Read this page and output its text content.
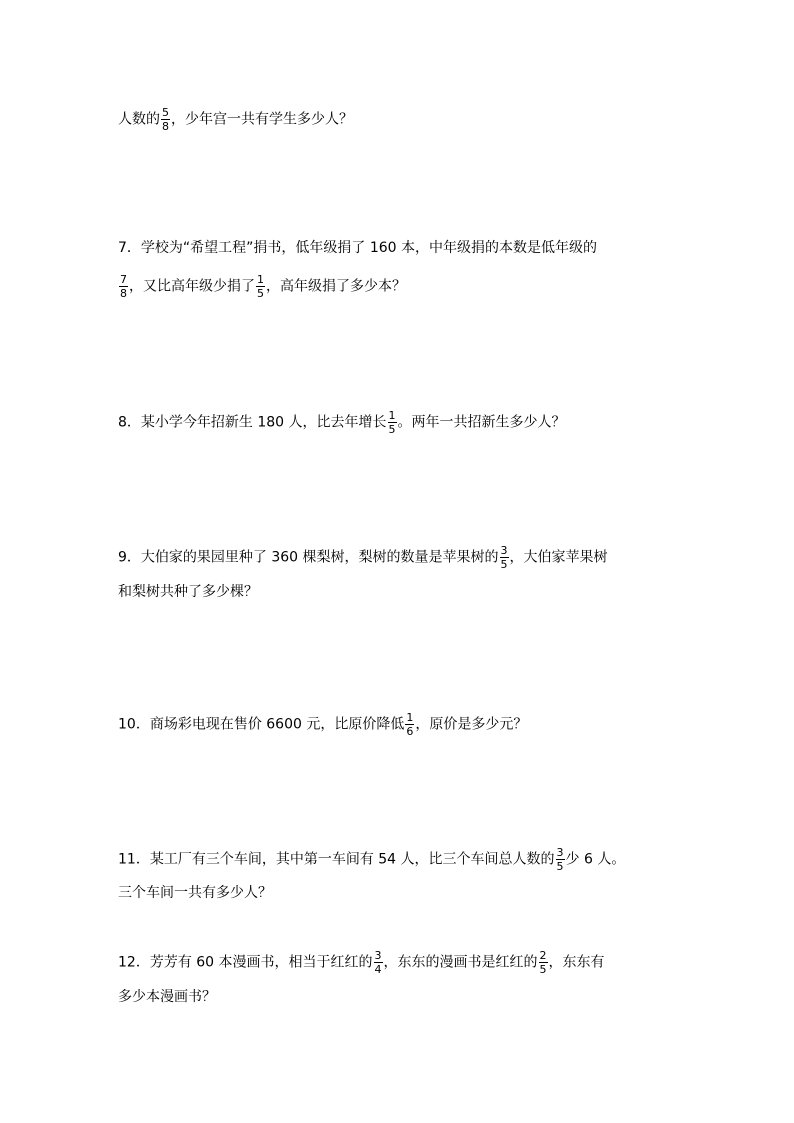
人数的 $\frac{5}{8}$ ，少年宫一共有学生多少人？
7．学校为“希望工程”捐书，低年级捐了 160 本，中年级捐的本数是低年级的
$\frac{7}{8}$ ，又比高年级少捐了 $\frac{1}{5}$ ，高年级捐了多少本？
8．某小学今年招新生 180 人，比去年增长 $\frac{1}{5}$ 。两年一共招新生多少人？
9．大伯家的果园里种了 360 棵梨树，梨树的数量是苹果树的 $\frac{3}{5}$ ，大伯家苹果树
和梨树共种了多少棵？
10．商场彩电现在售价 6600 元，比原价降低 $\frac{1}{6}$ ，原价是多少元？
11．某工厂有三个车间，其中第一车间有 54 人，比三个车间总人数的 $\frac{3}{5}$ 少 6 人。
三个车间一共有多少人？
12．芳芳有 60 本漫画书，相当于红红的 $\frac{3}{4}$ ，东东的漫画书是红红的 $\frac{2}{5}$ ，东东有
多少本漫画书？
